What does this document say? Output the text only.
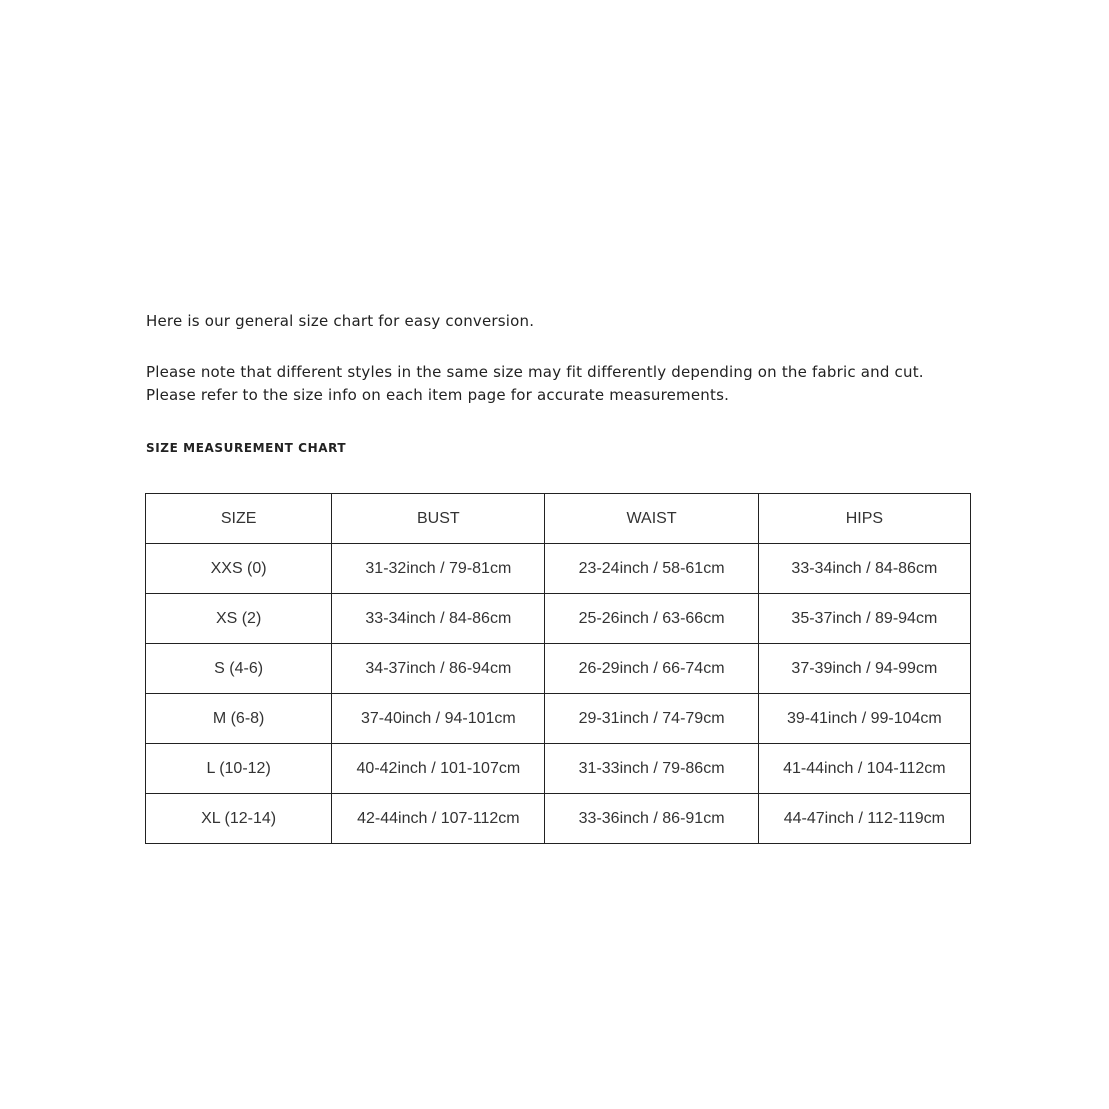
Here is our general size chart for easy conversion.

Please note that different styles in the same size may fit differently depending on the fabric and cut.
Please refer to the size info on each item page for accurate measurements.

SIZE MEASUREMENT CHART
SIZE	BUST	WAIST	HIPS
XXS (0)	31-32inch / 79-81cm	23-24inch / 58-61cm	33-34inch / 84-86cm
XS (2)	33-34inch / 84-86cm	25-26inch / 63-66cm	35-37inch / 89-94cm
S (4-6)	34-37inch / 86-94cm	26-29inch / 66-74cm	37-39inch / 94-99cm
M (6-8)	37-40inch / 94-101cm	29-31inch / 74-79cm	39-41inch / 99-104cm
L (10-12)	40-42inch / 101-107cm	31-33inch / 79-86cm	41-44inch / 104-112cm
XL (12-14)	42-44inch / 107-112cm	33-36inch / 86-91cm	44-47inch / 112-119cm
